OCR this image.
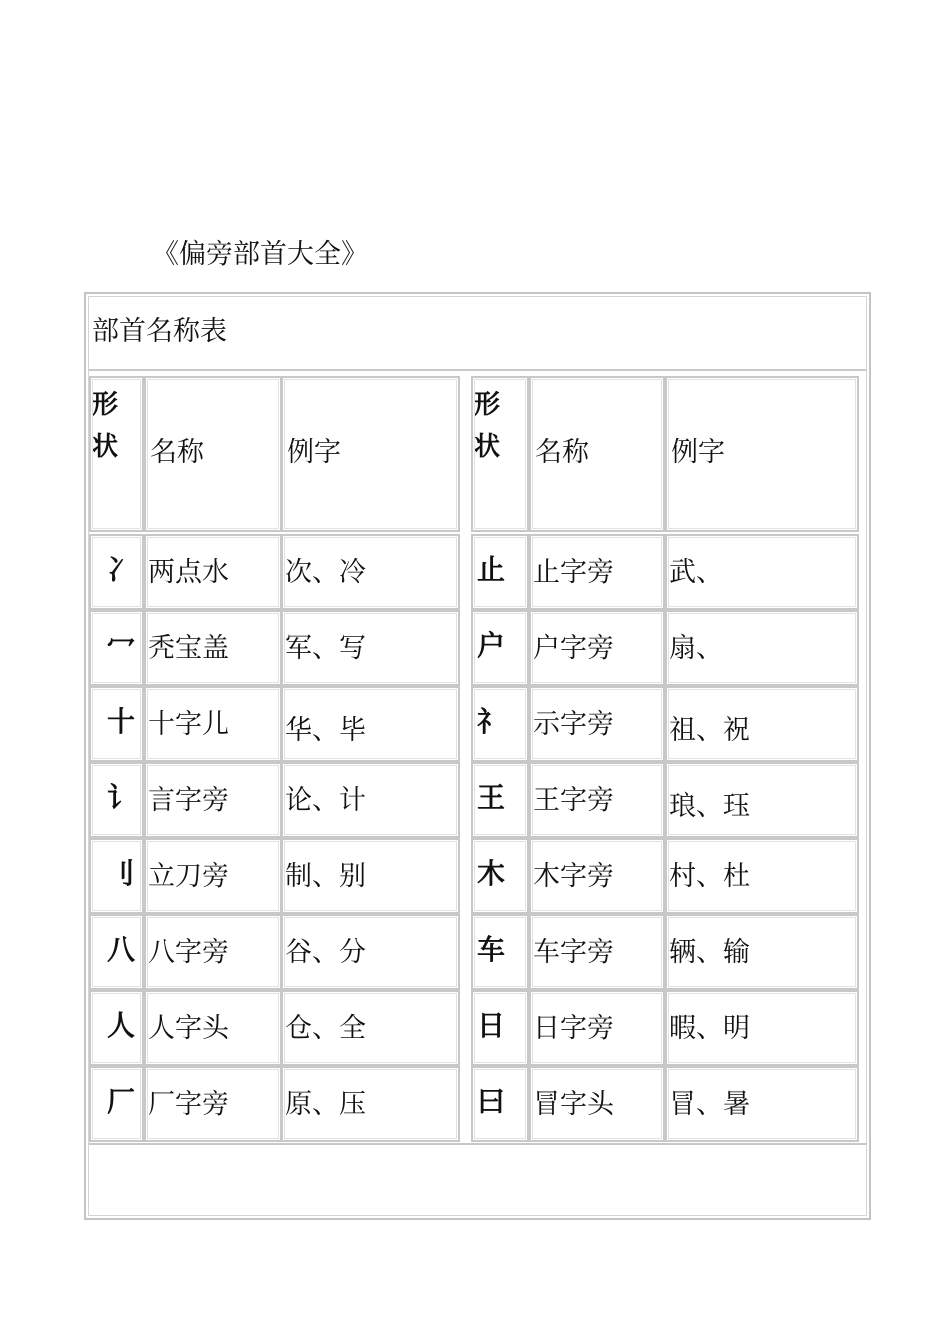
《偏旁部首大全》
部首名称表
形
状 名称	例字
冫 两点水 次、冷
冖 秃宝盖 军、写
十 十字儿 华、毕
讠 言字旁 论、计
刂 立刀旁 制、别
八 八字旁 谷、分
人 人字头 仓、全
厂 厂字旁 原、压
形
状 名称	例字
止 止字旁 武、
户 户字旁 扇、
礻 示字旁 祖、祝
王 王字旁 琅、珏
木 木字旁 村、杜
车 车字旁 辆、输
日 日字旁 暇、明
曰 冒字头 冒、暑
